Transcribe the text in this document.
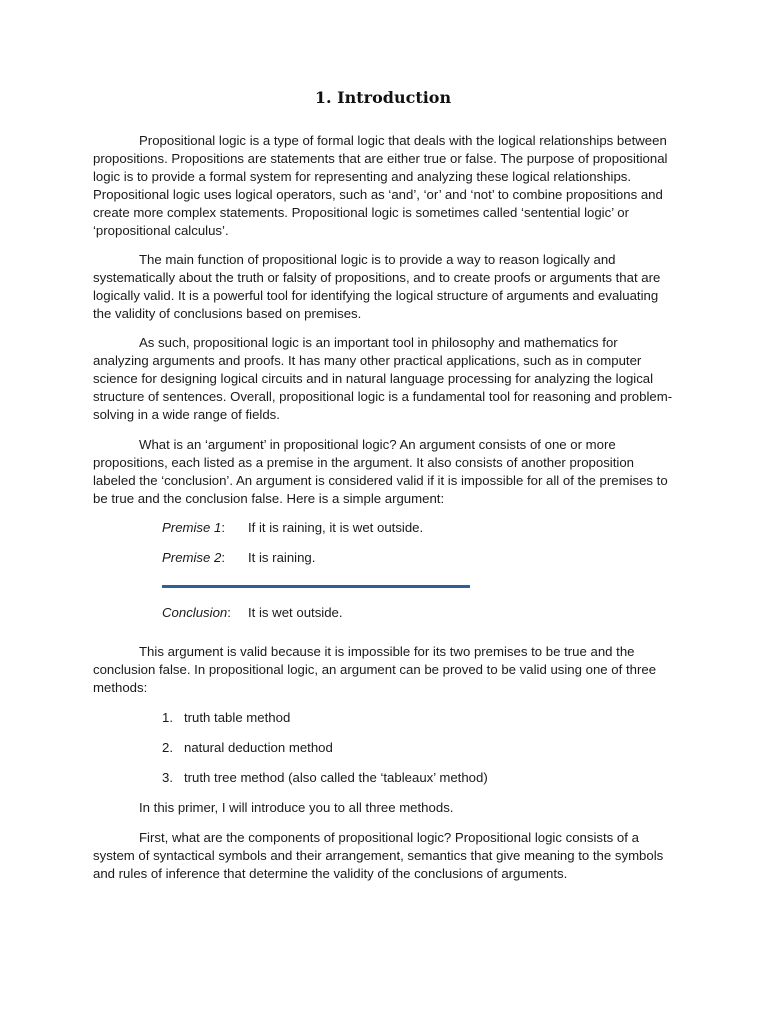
1. Introduction

Propositional logic is a type of formal logic that deals with the logical relationships between propositions. Propositions are statements that are either true or false. The purpose of propositional logic is to provide a formal system for representing and analyzing these logical relationships. Propositional logic uses logical operators, such as ‘and’, ‘or’ and ‘not’ to combine propositions and create more complex statements. Propositional logic is sometimes called ‘sentential logic’ or ‘propositional calculus’.

The main function of propositional logic is to provide a way to reason logically and systematically about the truth or falsity of propositions, and to create proofs or arguments that are logically valid. It is a powerful tool for identifying the logical structure of arguments and evaluating the validity of conclusions based on premises.

As such, propositional logic is an important tool in philosophy and mathematics for analyzing arguments and proofs. It has many other practical applications, such as in computer science for designing logical circuits and in natural language processing for analyzing the logical structure of sentences. Overall, propositional logic is a fundamental tool for reasoning and problem-solving in a wide range of fields.

What is an ‘argument’ in propositional logic? An argument consists of one or more propositions, each listed as a premise in the argument. It also consists of another proposition labeled the ‘conclusion’. An argument is considered valid if it is impossible for all of the premises to be true and the conclusion false. Here is a simple argument:

Premise 1: If it is raining, it is wet outside.
Premise 2: It is raining.
Conclusion: It is wet outside.

This argument is valid because it is impossible for its two premises to be true and the conclusion false. In propositional logic, an argument can be proved to be valid using one of three methods:

1. truth table method
2. natural deduction method
3. truth tree method (also called the ‘tableaux’ method)

In this primer, I will introduce you to all three methods.

First, what are the components of propositional logic? Propositional logic consists of a system of syntactical symbols and their arrangement, semantics that give meaning to the symbols and rules of inference that determine the validity of the conclusions of arguments.
